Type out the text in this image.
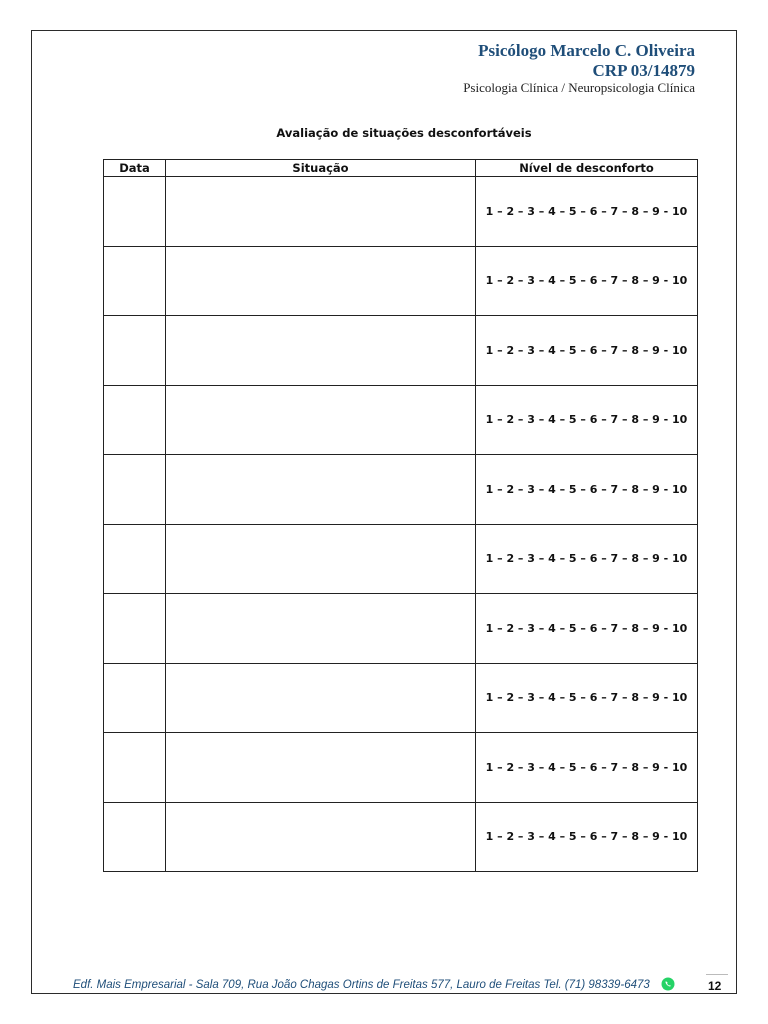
Psicólogo Marcelo C. Oliveira
CRP 03/14879
Psicologia Clínica / Neuropsicologia Clínica
Avaliação de situações desconfortáveis
Data	Situação	Nível de desconforto
		1 – 2 – 3 – 4 – 5 – 6 – 7 – 8 – 9 - 10
		1 – 2 – 3 – 4 – 5 – 6 – 7 – 8 – 9 - 10
		1 – 2 – 3 – 4 – 5 – 6 – 7 – 8 – 9 - 10
		1 – 2 – 3 – 4 – 5 – 6 – 7 – 8 – 9 - 10
		1 – 2 – 3 – 4 – 5 – 6 – 7 – 8 – 9 - 10
		1 – 2 – 3 – 4 – 5 – 6 – 7 – 8 – 9 - 10
		1 – 2 – 3 – 4 – 5 – 6 – 7 – 8 – 9 - 10
		1 – 2 – 3 – 4 – 5 – 6 – 7 – 8 – 9 - 10
		1 – 2 – 3 – 4 – 5 – 6 – 7 – 8 – 9 - 10
		1 – 2 – 3 – 4 – 5 – 6 – 7 – 8 – 9 - 10
Edf. Mais Empresarial - Sala 709, Rua João Chagas Ortins de Freitas 577, Lauro de Freitas Tel. (71) 98339-6473	12
